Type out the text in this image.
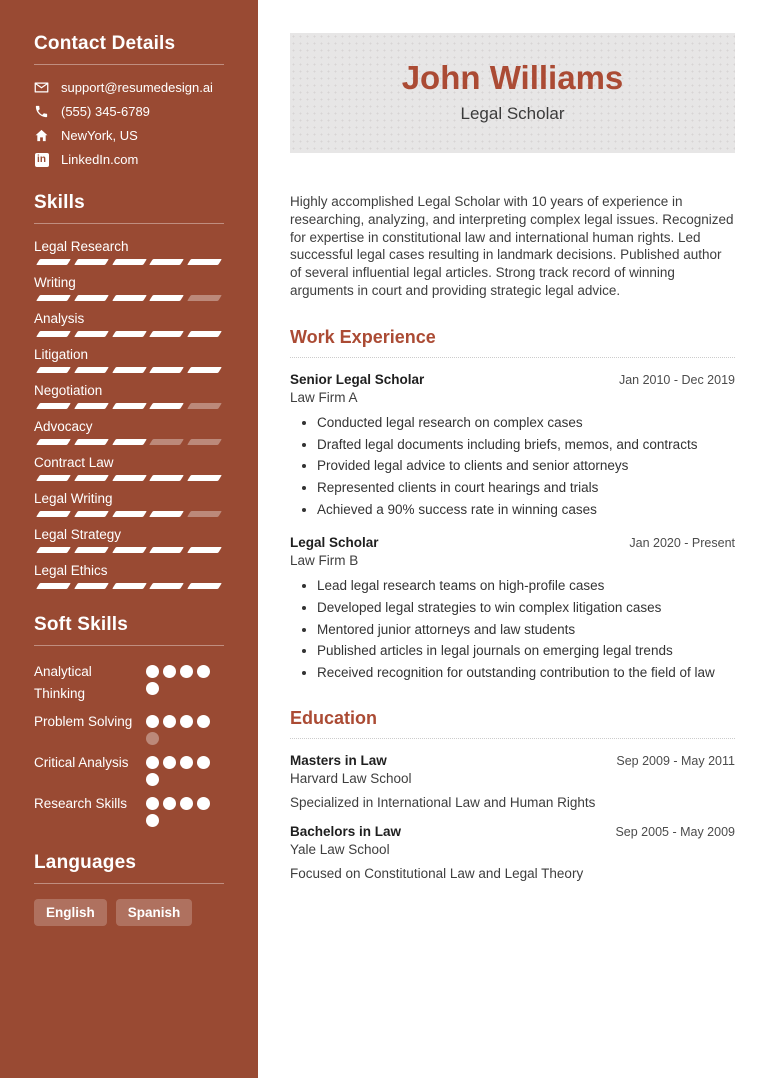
Contact Details
support@resumedesign.ai
(555) 345-6789
NewYork, US
in LinkedIn.com
Skills
Legal Research
Writing
Analysis
Litigation
Negotiation
Advocacy
Contract Law
Legal Writing
Legal Strategy
Legal Ethics
Soft Skills
Analytical Thinking
Problem Solving
Critical Analysis
Research Skills
Languages
English	Spanish
John Williams
Legal Scholar

Highly accomplished Legal Scholar with 10 years of experience in researching, analyzing, and interpreting complex legal issues. Recognized for expertise in constitutional law and international human rights. Led successful legal cases resulting in landmark decisions. Published author of several influential legal articles. Strong track record of winning arguments in court and providing strategic legal advice.

Work Experience
Senior Legal Scholar	Jan 2010 - Dec 2019
Law Firm A
• Conducted legal research on complex cases
• Drafted legal documents including briefs, memos, and contracts
• Provided legal advice to clients and senior attorneys
• Represented clients in court hearings and trials
• Achieved a 90% success rate in winning cases
Legal Scholar	Jan 2020 - Present
Law Firm B
• Lead legal research teams on high-profile cases
• Developed legal strategies to win complex litigation cases
• Mentored junior attorneys and law students
• Published articles in legal journals on emerging legal trends
• Received recognition for outstanding contribution to the field of law
Education
Masters in Law	Sep 2009 - May 2011
Harvard Law School
Specialized in International Law and Human Rights
Bachelors in Law	Sep 2005 - May 2009
Yale Law School
Focused on Constitutional Law and Legal Theory
